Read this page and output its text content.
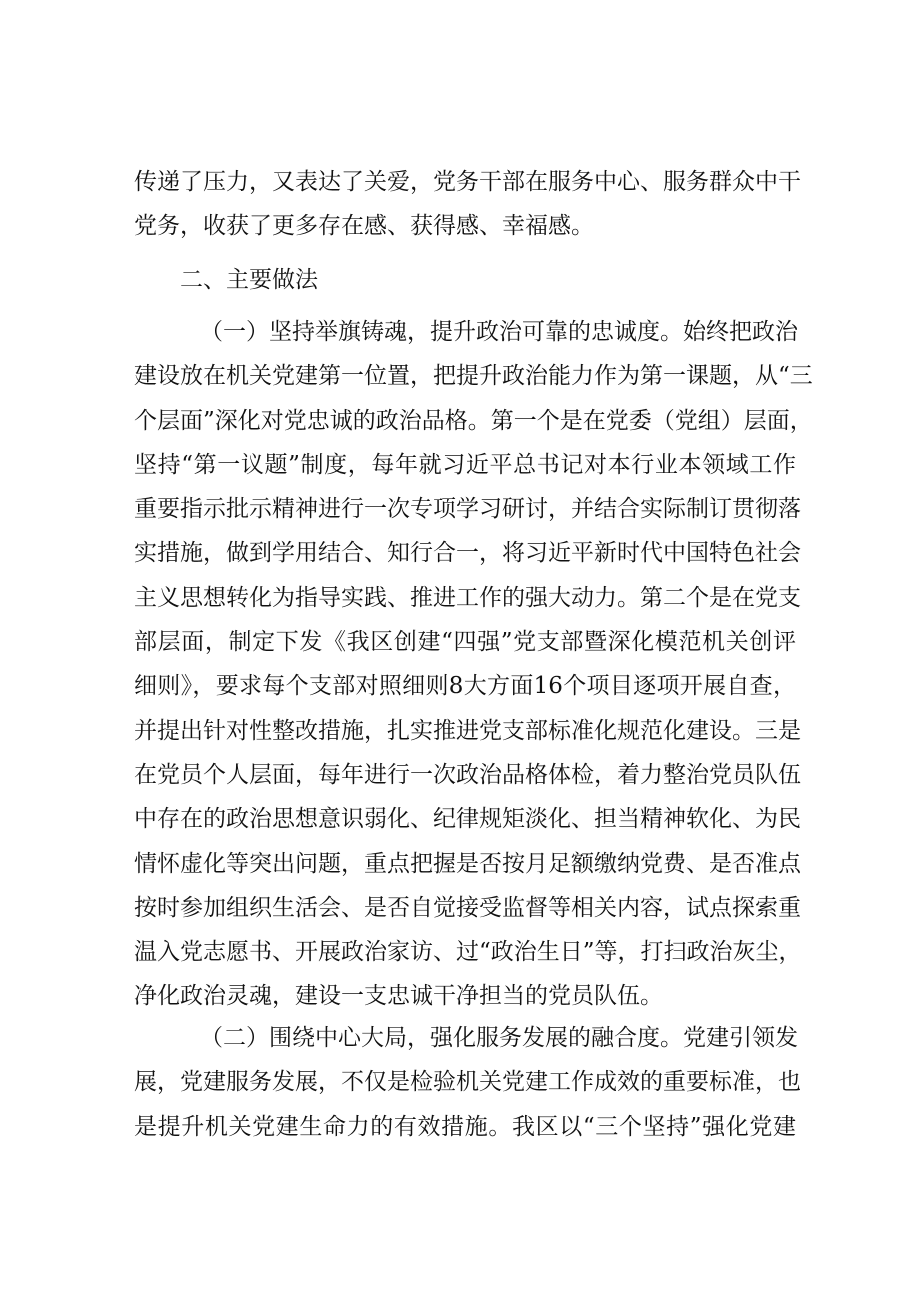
传递了压力，又表达了关爱，党务干部在服务中心、服务群众中干
党务，收获了更多存在感、获得感、幸福感。
二、主要做法
（一）坚持举旗铸魂，提升政治可靠的忠诚度。始终把政治
建设放在机关党建第一位置，把提升政治能力作为第一课题，从“三
个层面”深化对党忠诚的政治品格。第一个是在党委（党组）层面，
坚持“第一议题”制度，每年就习近平总书记对本行业本领域工作
重要指示批示精神进行一次专项学习研讨，并结合实际制订贯彻落
实措施，做到学用结合、知行合一，将习近平新时代中国特色社会
主义思想转化为指导实践、推进工作的强大动力。第二个是在党支
部层面，制定下发《我区创建“四强”党支部暨深化模范机关创评
细则》，要求每个支部对照细则8大方面16个项目逐项开展自查，
并提出针对性整改措施，扎实推进党支部标准化规范化建设。三是
在党员个人层面，每年进行一次政治品格体检，着力整治党员队伍
中存在的政治思想意识弱化、纪律规矩淡化、担当精神软化、为民
情怀虚化等突出问题，重点把握是否按月足额缴纳党费、是否准点
按时参加组织生活会、是否自觉接受监督等相关内容，试点探索重
温入党志愿书、开展政治家访、过“政治生日”等，打扫政治灰尘，
净化政治灵魂，建设一支忠诚干净担当的党员队伍。
（二）围绕中心大局，强化服务发展的融合度。党建引领发
展，党建服务发展，不仅是检验机关党建工作成效的重要标准，也
是提升机关党建生命力的有效措施。我区以“三个坚持”强化党建
